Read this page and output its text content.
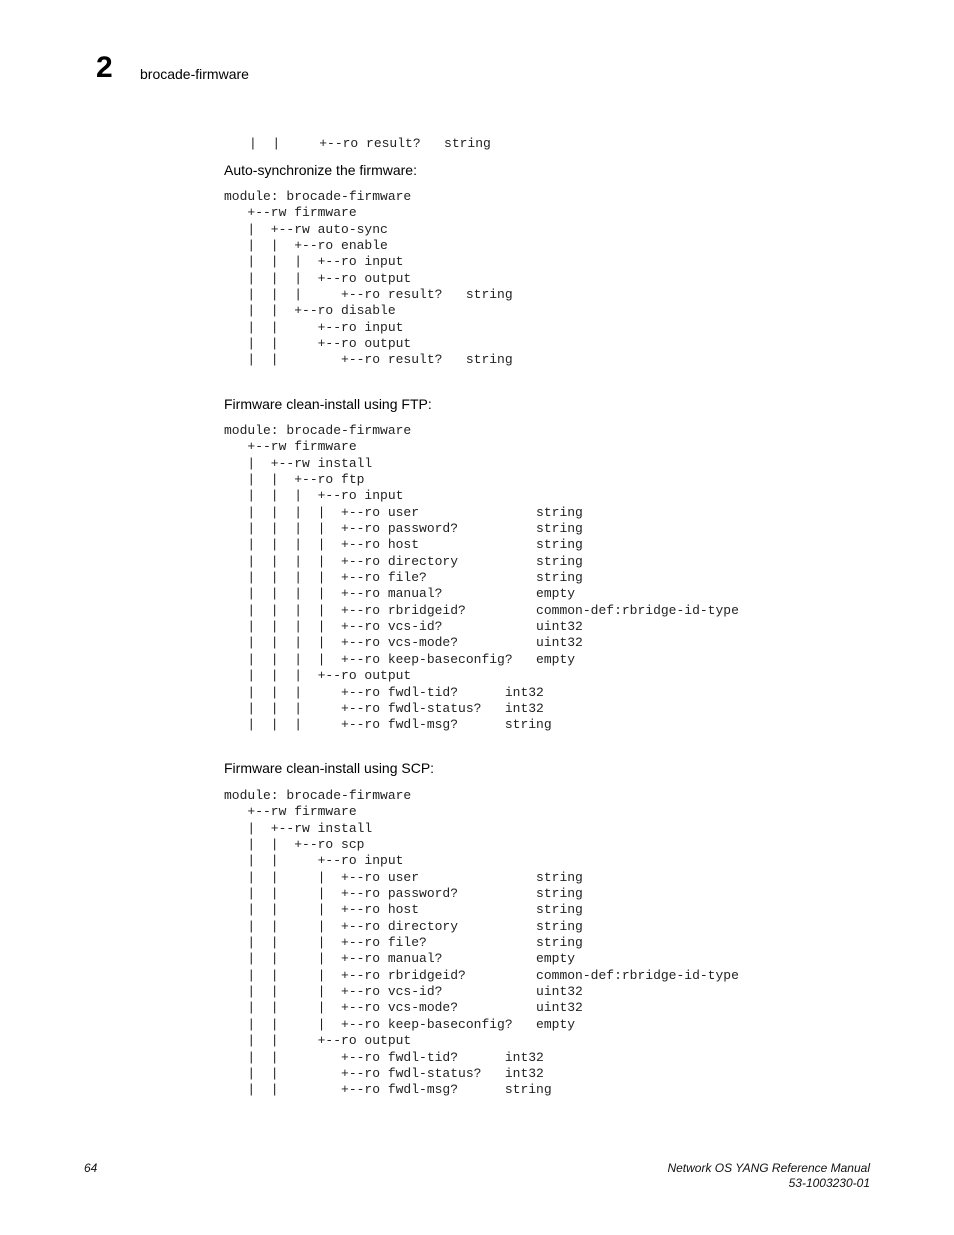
2 brocade-firmware
|  |     +--ro result?   string
Auto-synchronize the firmware:
module: brocade-firmware
+--rw firmware
|  +--rw auto-sync
|  |  +--ro enable
|  |  |  +--ro input
|  |  |  +--ro output
|  |  |     +--ro result?   string
|  |  +--ro disable
|  |     +--ro input
|  |     +--ro output
|  |        +--ro result?   string
Firmware clean-install using FTP:
module: brocade-firmware
+--rw firmware
|  +--rw install
|  |  +--ro ftp
|  |  |  +--ro input
|  |  |  |  +--ro user               string
|  |  |  |  +--ro password?          string
|  |  |  |  +--ro host               string
|  |  |  |  +--ro directory          string
|  |  |  |  +--ro file?              string
|  |  |  |  +--ro manual?            empty
|  |  |  |  +--ro rbridgeid?         common-def:rbridge-id-type
|  |  |  |  +--ro vcs-id?            uint32
|  |  |  |  +--ro vcs-mode?          uint32
|  |  |  |  +--ro keep-baseconfig?   empty
|  |  |  +--ro output
|  |  |     +--ro fwdl-tid?      int32
|  |  |     +--ro fwdl-status?   int32
|  |  |     +--ro fwdl-msg?      string
Firmware clean-install using SCP:
module: brocade-firmware
+--rw firmware
|  +--rw install
|  |  +--ro scp
|  |     +--ro input
|  |     |  +--ro user               string
|  |     |  +--ro password?          string
|  |     |  +--ro host               string
|  |     |  +--ro directory          string
|  |     |  +--ro file?              string
|  |     |  +--ro manual?            empty
|  |     |  +--ro rbridgeid?         common-def:rbridge-id-type
|  |     |  +--ro vcs-id?            uint32
|  |     |  +--ro vcs-mode?          uint32
|  |     |  +--ro keep-baseconfig?   empty
|  |     +--ro output
|  |        +--ro fwdl-tid?      int32
|  |        +--ro fwdl-status?   int32
|  |        +--ro fwdl-msg?      string
64	Network OS YANG Reference Manual
53-1003230-01
